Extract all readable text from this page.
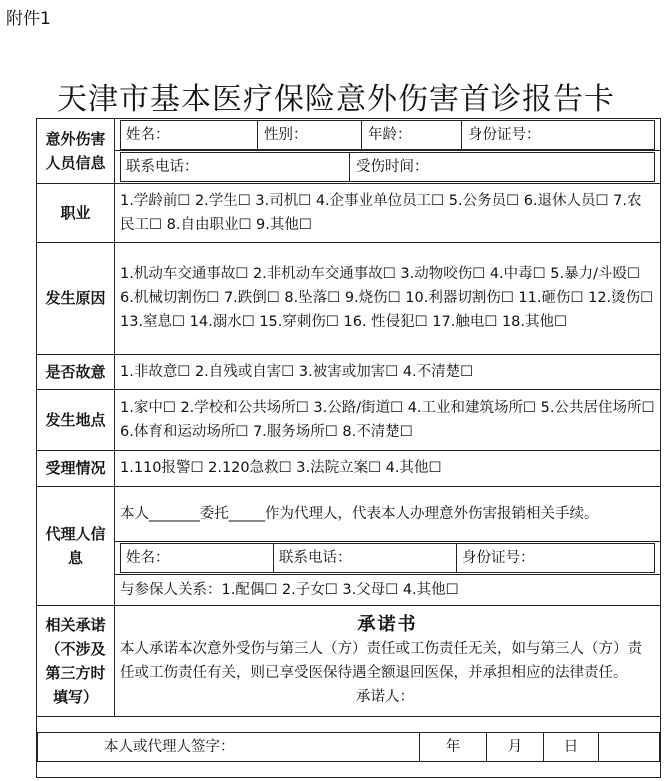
附件1
天津市基本医疗保险意外伤害首诊报告卡
意外伤害人员信息	
姓名：	性别：	年龄：	身份证号：

联系电话：	受伤时间：

职业	1.学龄前☐ 2.学生☐ 3.司机☐ 4.企事业单位员工☐ 5.公务员☐ 6.退休人员☐ 7.农民工☐ 8.自由职业☐ 9.其他☐
发生原因	1.机动车交通事故☐ 2.非机动车交通事故☐ 3.动物咬伤☐ 4.中毒☐ 5.暴力/斗殴☐ 6.机械切割伤☐ 7.跌倒☐ 8.坠落☐ 9.烧伤☐ 10.利器切割伤☐ 11.砸伤☐ 12.烫伤☐ 13.窒息☐ 14.溺水☐ 15.穿刺伤☐ 16. 性侵犯☐ 17.触电☐ 18.其他☐
是否故意	1.非故意☐ 2.自残或自害☐ 3.被害或加害☐ 4.不清楚☐
发生地点	1.家中☐ 2.学校和公共场所☐ 3.公路/街道☐ 4.工业和建筑场所☐ 5.公共居住场所☐ 6.体育和运动场所☐ 7.服务场所☐ 8.不清楚☐
受理情况	1.110报警☐ 2.120急救☐ 3.法院立案☐ 4.其他☐
代理人信息	本人_______委托_____作为代理人，代表本人办理意外伤害报销相关手续。

姓名：	联系电话：	身份证号：

与参保人关系：1.配偶☐ 2.子女☐ 3.父母☐ 4.其他☐
相关承诺（不涉及第三方时填写）	
承诺书
本人承诺本次意外受伤与第三人（方）责任或工伤责任无关，如与第三人（方）责任或工伤责任有关，则已享受医保待遇全额退回医保，并承担相应的法律责任。
承诺人：

本人或代理人签字：	年	月	日	
